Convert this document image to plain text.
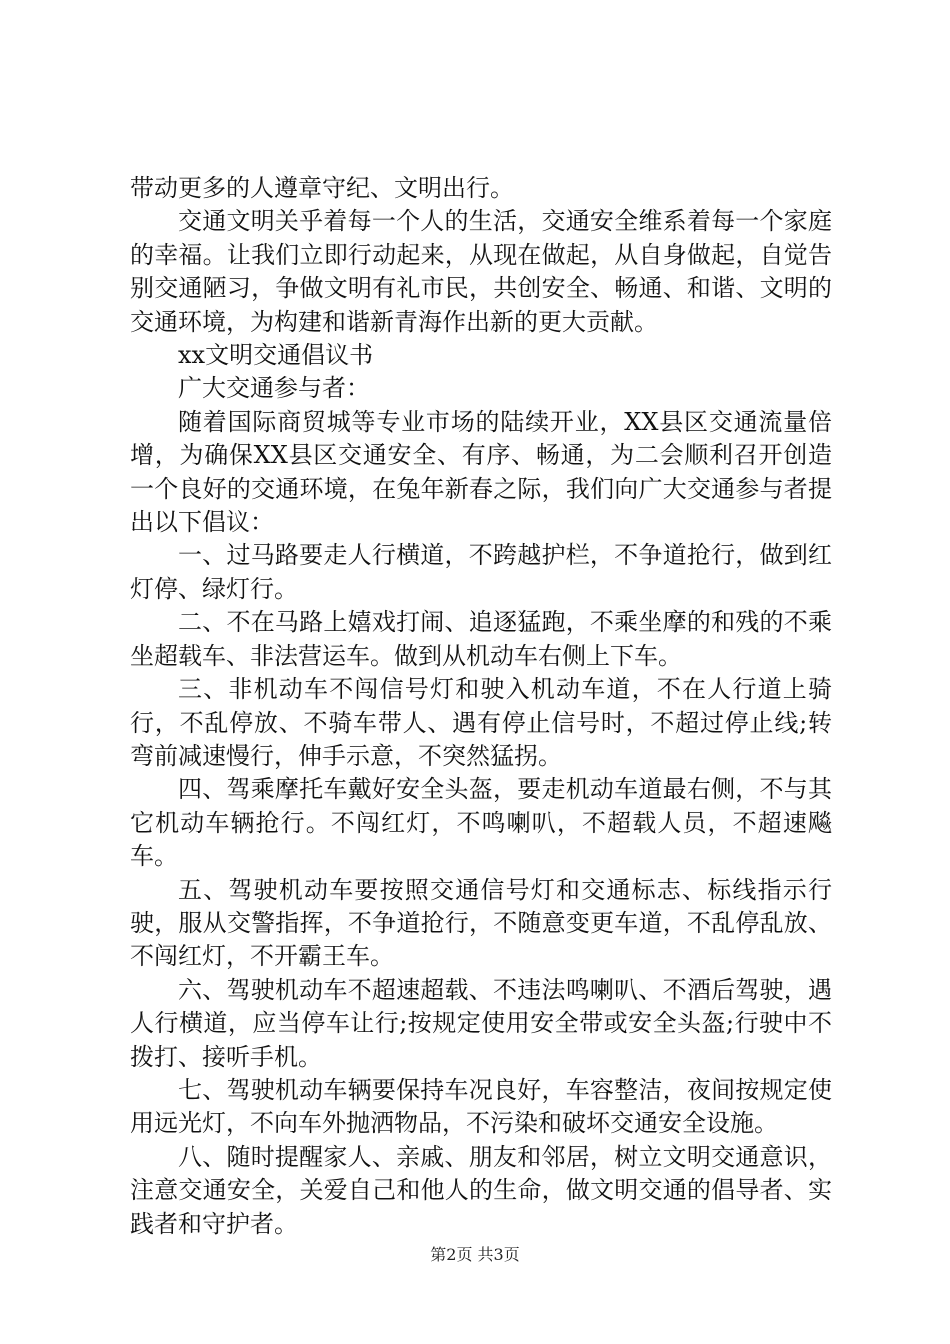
带动更多的人遵章守纪、文明出行。

交通文明关乎着每一个人的生活，交通安全维系着每一个家庭的幸福。让我们立即行动起来，从现在做起，从自身做起，自觉告别交通陋习，争做文明有礼市民，共创安全、畅通、和谐、文明的交通环境，为构建和谐新青海作出新的更大贡献。

xx文明交通倡议书

广大交通参与者：

随着国际商贸城等专业市场的陆续开业，XX县区交通流量倍增，为确保XX县区交通安全、有序、畅通，为二会顺利召开创造一个良好的交通环境，在兔年新春之际，我们向广大交通参与者提出以下倡议：

一、过马路要走人行横道，不跨越护栏，不争道抢行，做到红灯停、绿灯行。

二、不在马路上嬉戏打闹、追逐猛跑，不乘坐摩的和残的不乘坐超载车、非法营运车。做到从机动车右侧上下车。

三、非机动车不闯信号灯和驶入机动车道，不在人行道上骑行，不乱停放、不骑车带人、遇有停止信号时，不超过停止线;转弯前减速慢行，伸手示意，不突然猛拐。

四、驾乘摩托车戴好安全头盔，要走机动车道最右侧，不与其它机动车辆抢行。不闯红灯，不鸣喇叭，不超载人员，不超速飚车。

五、驾驶机动车要按照交通信号灯和交通标志、标线指示行驶，服从交警指挥，不争道抢行，不随意变更车道，不乱停乱放、不闯红灯，不开霸王车。

六、驾驶机动车不超速超载、不违法鸣喇叭、不酒后驾驶，遇人行横道，应当停车让行;按规定使用安全带或安全头盔;行驶中不拨打、接听手机。

七、驾驶机动车辆要保持车况良好，车容整洁，夜间按规定使用远光灯，不向车外抛洒物品，不污染和破坏交通安全设施。

八、随时提醒家人、亲戚、朋友和邻居，树立文明交通意识，注意交通安全，关爱自己和他人的生命，做文明交通的倡导者、实践者和守护者。

第2页 共3页
